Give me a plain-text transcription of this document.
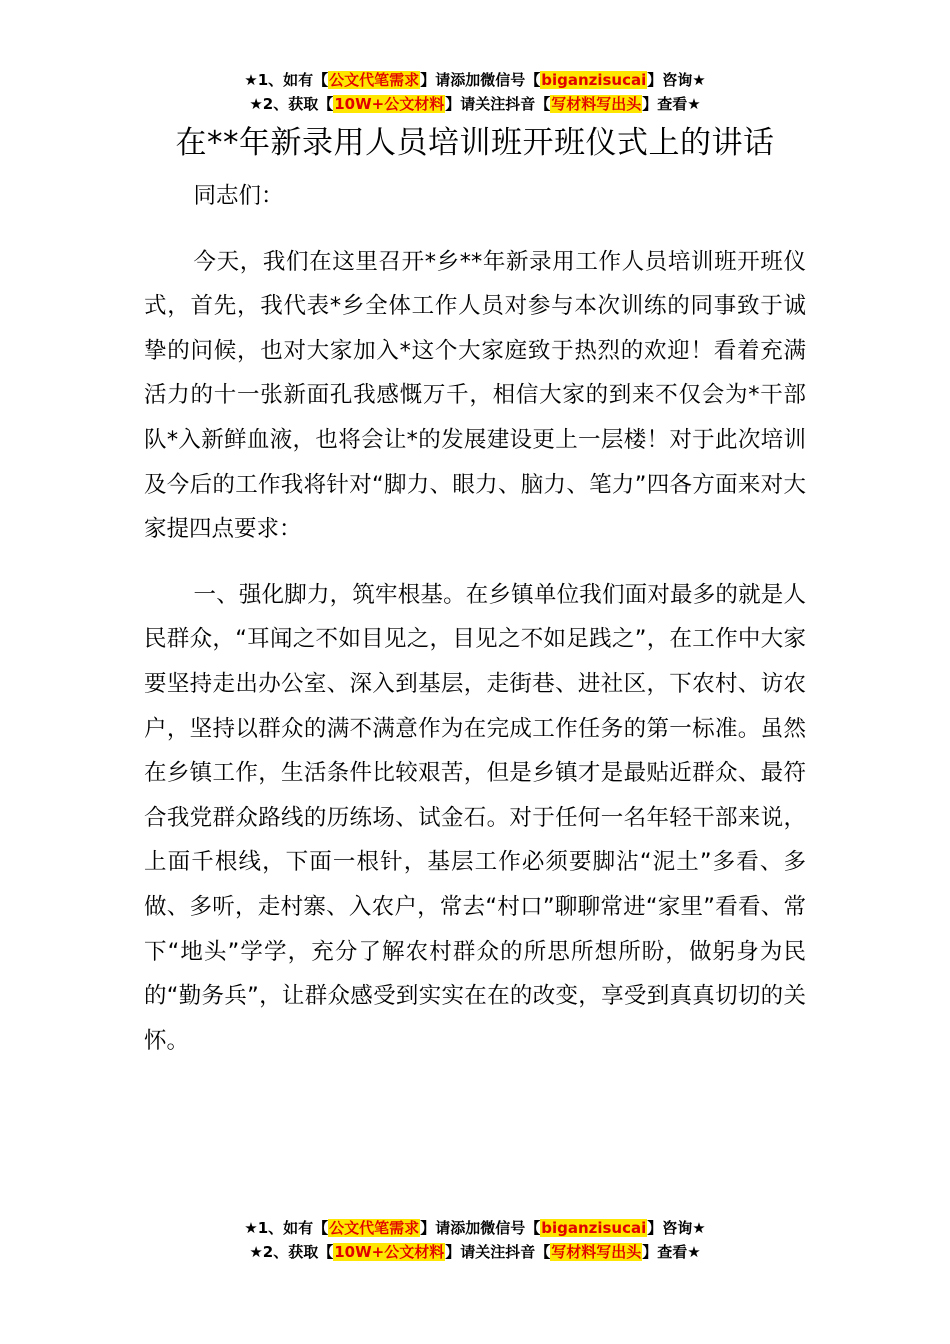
★1、如有【公文代笔需求】请添加微信号【biganzisucai】咨询★
★2、获取【10W+公文材料】请关注抖音【写材料写出头】查看★
在**年新录用人员培训班开班仪式上的讲话

同志们：

今天，我们在这里召开*乡**年新录用工作人员培训班开班仪式，首先，我代表*乡全体工作人员对参与本次训练的同事致于诚挚的问候，也对大家加入*这个大家庭致于热烈的欢迎！看着充满活力的十一张新面孔我感慨万千，相信大家的到来不仅会为*干部队*入新鲜血液，也将会让*的发展建设更上一层楼！对于此次培训及今后的工作我将针对“脚力、眼力、脑力、笔力”四各方面来对大家提四点要求：

一、强化脚力，筑牢根基。在乡镇单位我们面对最多的就是人民群众，“耳闻之不如目见之，目见之不如足践之”，在工作中大家要坚持走出办公室、深入到基层，走街巷、进社区，下农村、访农户，坚持以群众的满不满意作为在完成工作任务的第一标准。虽然在乡镇工作，生活条件比较艰苦，但是乡镇才是最贴近群众、最符合我党群众路线的历练场、试金石。对于任何一名年轻干部来说，上面千根线，下面一根针，基层工作必须要脚沾“泥土”多看、多做、多听，走村寨、入农户，常去“村口”聊聊常进“家里”看看、常下“地头”学学，充分了解农村群众的所思所想所盼，做躬身为民的“勤务兵”，让群众感受到实实在在的改变，享受到真真切切的关怀。

★1、如有【公文代笔需求】请添加微信号【biganzisucai】咨询★
★2、获取【10W+公文材料】请关注抖音【写材料写出头】查看★
